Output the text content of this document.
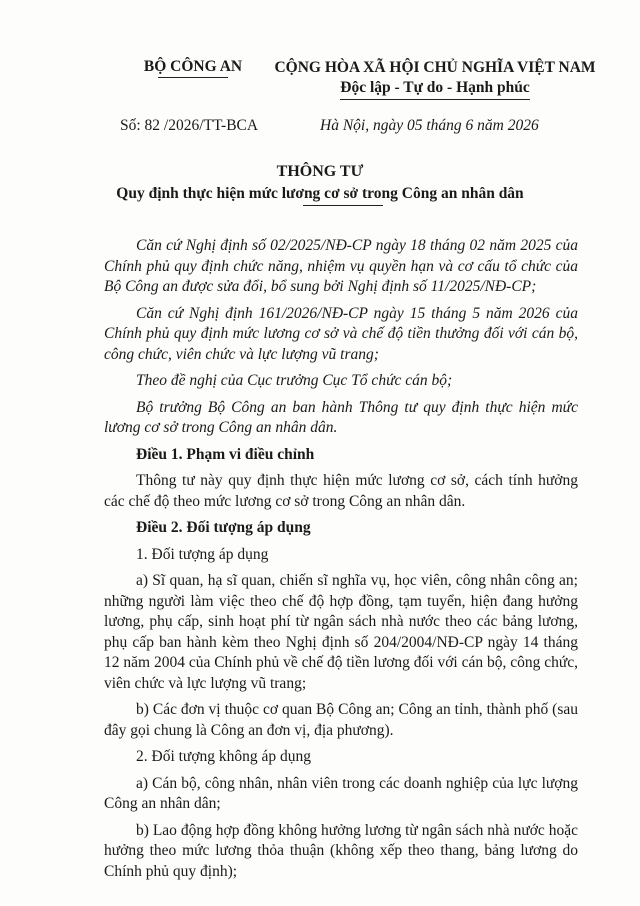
BỘ CÔNG AN	CỘNG HÒA XÃ HỘI CHỦ NGHĨA VIỆT NAM
Độc lập - Tự do - Hạnh phúc
Số: 82 /2026/TT-BCA	Hà Nội, ngày 05 tháng 6 năm 2026
THÔNG TƯ
Quy định thực hiện mức lương cơ sở trong Công an nhân dân

Căn cứ Nghị định số 02/2025/NĐ-CP ngày 18 tháng 02 năm 2025 của Chính phủ quy định chức năng, nhiệm vụ quyền hạn và cơ cấu tổ chức của Bộ Công an được sửa đổi, bổ sung bởi Nghị định số 11/2025/NĐ-CP;

Căn cứ Nghị định 161/2026/NĐ-CP ngày 15 tháng 5 năm 2026 của Chính phủ quy định mức lương cơ sở và chế độ tiền thưởng đối với cán bộ, công chức, viên chức và lực lượng vũ trang;

Theo đề nghị của Cục trưởng Cục Tổ chức cán bộ;

Bộ trưởng Bộ Công an ban hành Thông tư quy định thực hiện mức lương cơ sở trong Công an nhân dân.

Điều 1. Phạm vi điều chỉnh

Thông tư này quy định thực hiện mức lương cơ sở, cách tính hưởng các chế độ theo mức lương cơ sở trong Công an nhân dân.

Điều 2. Đối tượng áp dụng

1. Đối tượng áp dụng

a) Sĩ quan, hạ sĩ quan, chiến sĩ nghĩa vụ, học viên, công nhân công an; những người làm việc theo chế độ hợp đồng, tạm tuyển, hiện đang hưởng lương, phụ cấp, sinh hoạt phí từ ngân sách nhà nước theo các bảng lương, phụ cấp ban hành kèm theo Nghị định số 204/2004/NĐ-CP ngày 14 tháng 12 năm 2004 của Chính phủ về chế độ tiền lương đối với cán bộ, công chức, viên chức và lực lượng vũ trang;

b) Các đơn vị thuộc cơ quan Bộ Công an; Công an tỉnh, thành phố (sau đây gọi chung là Công an đơn vị, địa phương).

2. Đối tượng không áp dụng

a) Cán bộ, công nhân, nhân viên trong các doanh nghiệp của lực lượng Công an nhân dân;

b) Lao động hợp đồng không hưởng lương từ ngân sách nhà nước hoặc hưởng theo mức lương thỏa thuận (không xếp theo thang, bảng lương do Chính phủ quy định);
